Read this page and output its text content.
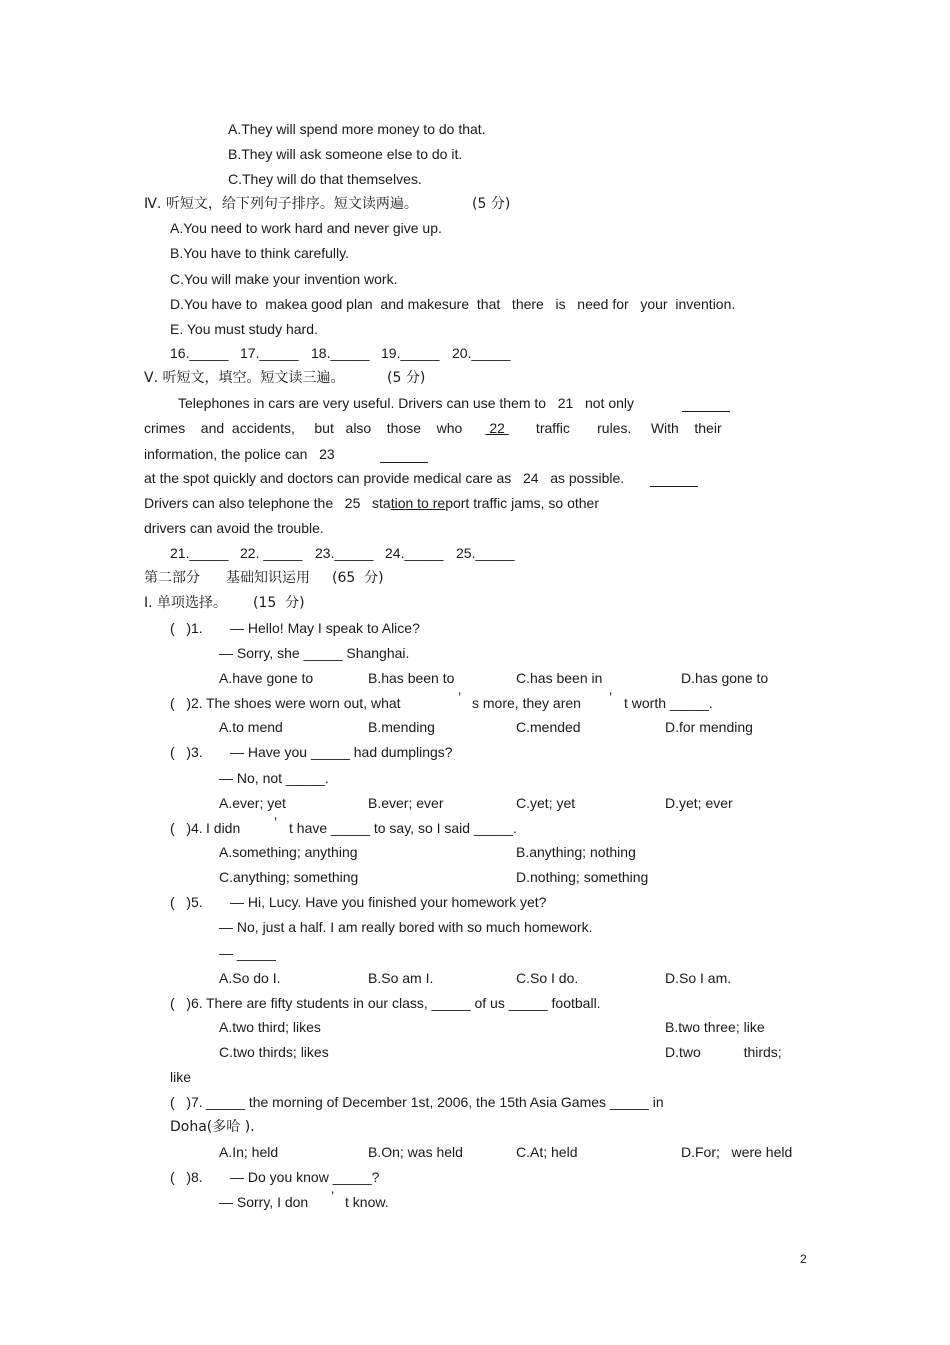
A.They will spend more money to do that.
B.They will ask someone else to do it.
C.They will do that themselves.
Ⅳ. 听短文，给下列句子排序。短文读两遍。	(5 分)
A.You need to work hard and never give up.
B.You have to think carefully.
C.You will make your invention work.
D.You have to  makea good plan  and makesure  that   there   is   need for   your  invention.
E. You must study hard.
16._____ 17._____ 18._____ 19._____ 20._____
Ⅴ. 听短文，填空。短文读三遍。	(5 分)
Telephones in cars are very useful. Drivers can use them to   21   not only
crimes    and  accidents,     but   also    those    who  22   traffic       rules.     With    their
information, the police can   23
at the spot quickly and doctors can provide medical care as   24   as possible.
Drivers can also telephone the   25   station to report traffic jams, so other
drivers can avoid the trouble.
21._____ 22. _____ 23._____ 24._____ 25._____
第二部分 基础知识运用 (65  分)
Ⅰ. 单项选择。 (15  分)
(   )1. — Hello! May I speak to Alice?
— Sorry, she _____ Shanghai.
A.have gone to	B.has been to	C.has been in	D.has gone to
(   )2. The shoes were worn out, what	’ s more, they aren ’ t worth _____.
A.to mend	B.mending	C.mended	D.for mending
(   )3. — Have you _____ had dumplings?
— No, not _____.
A.ever; yet	B.ever; ever	C.yet; yet	D.yet; ever
(   )4. I didn ’ t have _____ to say, so I said _____.
A.something; anything	B.anything; nothing
C.anything; something	D.nothing; something
(   )5. — Hi, Lucy. Have you finished your homework yet?
— No, just a half. I am really bored with so much homework.
— _____
A.So do I.	B.So am I.	C.So I do.	D.So I am.
(   )6. There are fifty students in our class, _____ of us _____ football.
A.two third; likes	B.two three; like
C.two thirds; likes	D.two           thirds;
like
(   )7. _____ the morning of December 1st, 2006, the 15th Asia Games _____ in
Doha(多哈 ).
A.In; held	B.On; was held	C.At; held	D.For;   were held
(   )8. — Do you know _____?
— Sorry, I don ’ t know.
2
